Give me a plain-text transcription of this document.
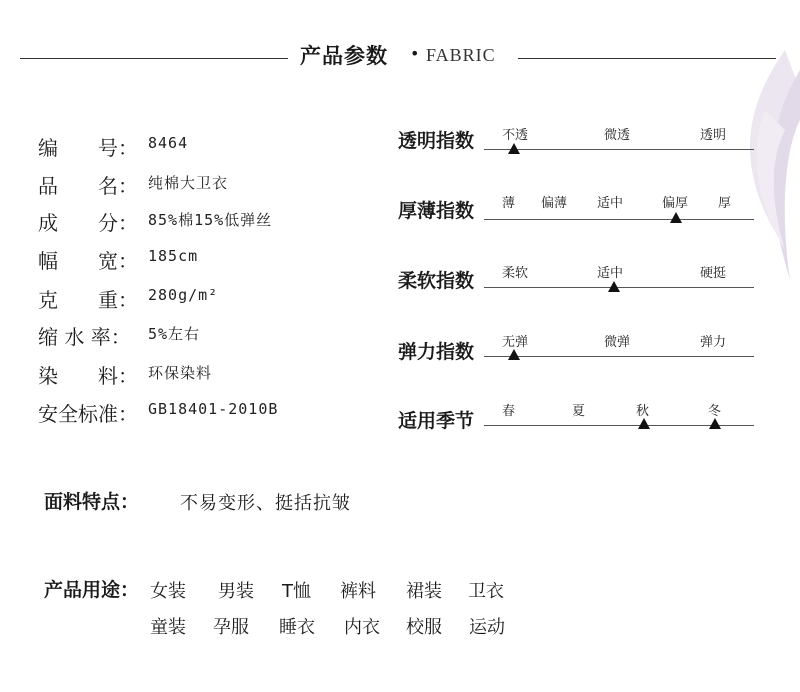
产品参数 • FABRIC
编　　号： 8464
品　　名： 纯棉大卫衣
成　　分： 85%棉15%低弹丝
幅　　宽： 185cm
克　　重： 280g/m²
缩 水 率： 5%左右
染　　料： 环保染料
安全标准： GB18401-2010B
透明指数 不透	微透	透明
厚薄指数 薄 偏薄 适中	偏厚 厚
柔软指数 柔软	适中	硬挺
弹力指数 无弹	微弹	弹力
适用季节 春	夏	秋	冬
面料特点： 不易变形、挺括抗皱
产品用途： 女装 男装 T恤 裤料 裙装 卫衣
童装 孕服 睡衣 内衣 校服 运动
